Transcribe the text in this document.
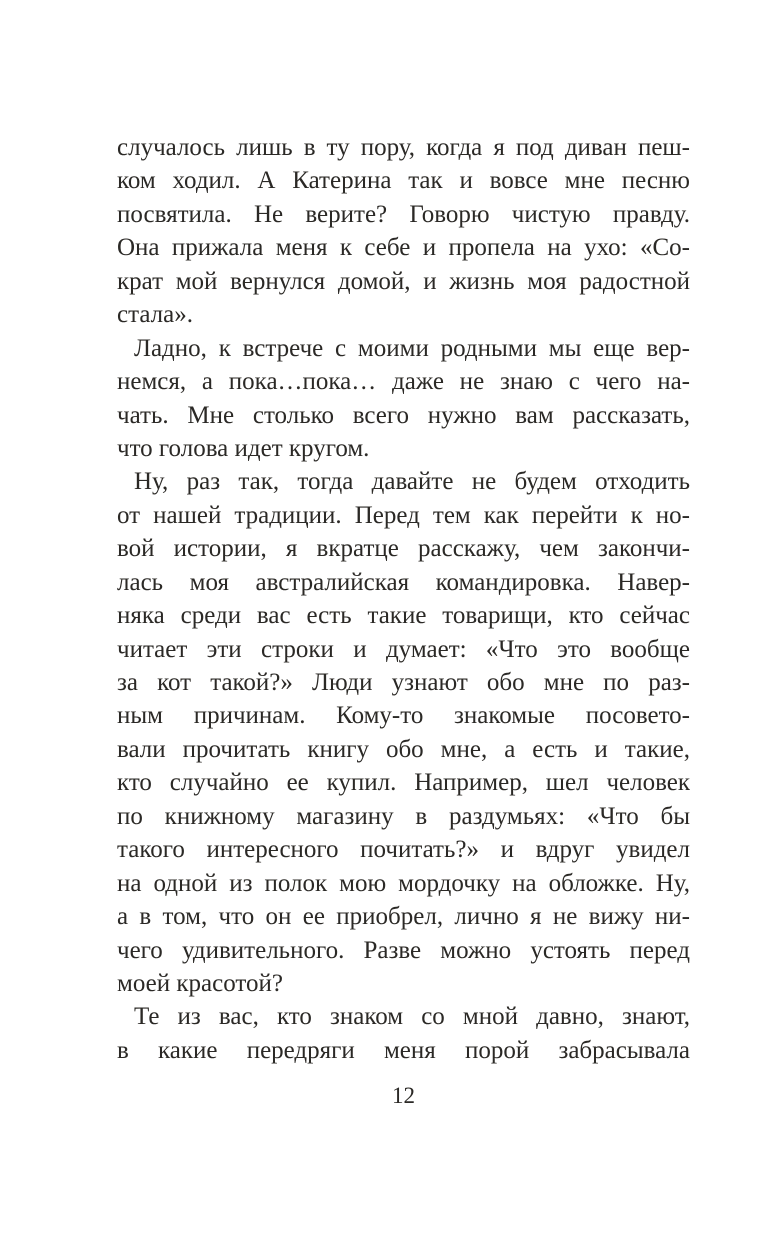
случалось лишь в ту пору, когда я под диван пеш-
ком ходил. А Катерина так и вовсе мне песню
посвятила. Не верите? Говорю чистую правду.
Она прижала меня к себе и пропела на ухо: «Со-
крат мой вернулся домой, и жизнь моя радостной
стала».
Ладно, к встрече с моими родными мы еще вер-
немся, а пока…пока… даже не знаю с чего на-
чать. Мне столько всего нужно вам рассказать,
что голова идет кругом.
Ну, раз так, тогда давайте не будем отходить
от нашей традиции. Перед тем как перейти к но-
вой истории, я вкратце расскажу, чем закончи-
лась моя австралийская командировка. Навер-
няка среди вас есть такие товарищи, кто сейчас
читает эти строки и думает: «Что это вообще
за кот такой?» Люди узнают обо мне по раз-
ным причинам. Кому-то знакомые посовето-
вали прочитать книгу обо мне, а есть и такие,
кто случайно ее купил. Например, шел человек
по книжному магазину в раздумьях: «Что бы
такого интересного почитать?» и вдруг увидел
на одной из полок мою мордочку на обложке. Ну,
а в том, что он ее приобрел, лично я не вижу ни-
чего удивительного. Разве можно устоять перед
моей красотой?
Те из вас, кто знаком со мной давно, знают,
в какие передряги меня порой забрасывала
12
